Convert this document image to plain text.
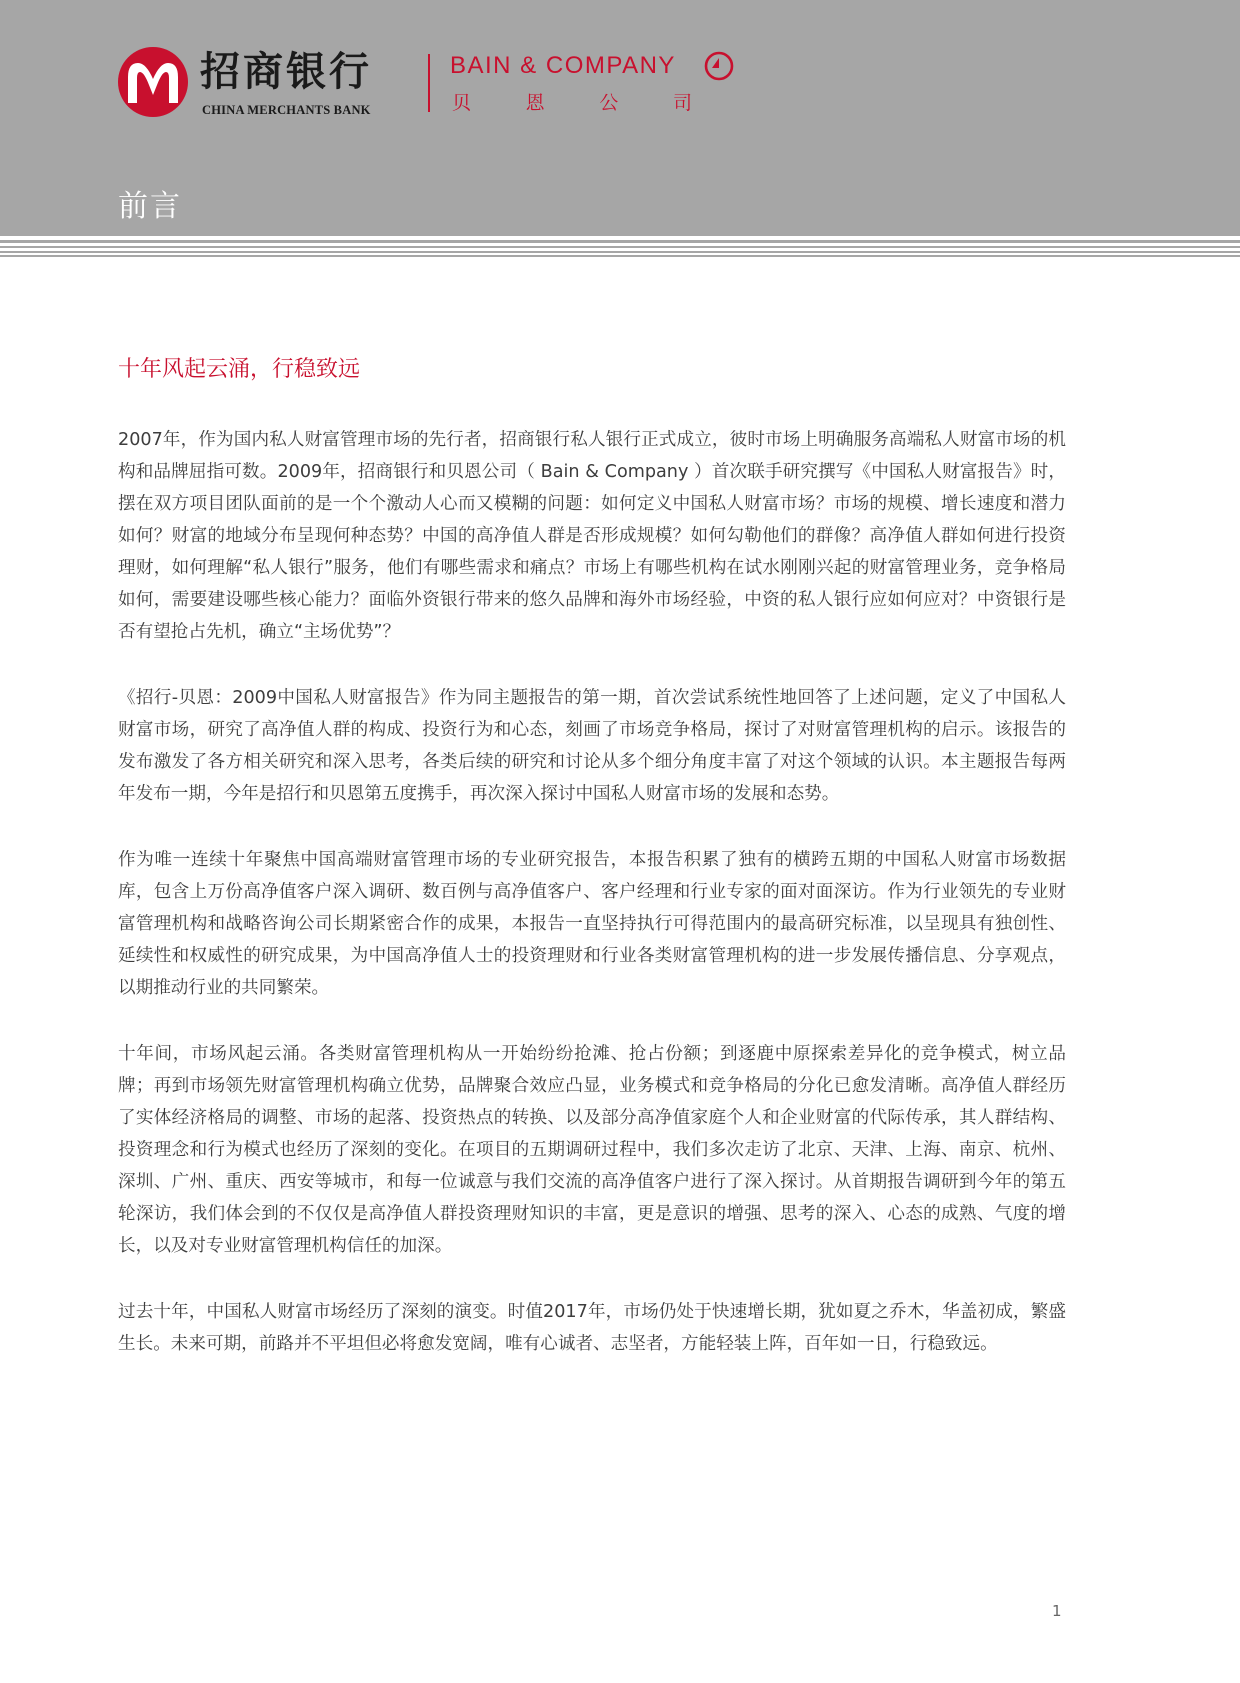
招商银行
CHINA MERCHANTS BANK
BAIN & COMPANY
贝	恩	公	司
前言
十年风起云涌，行稳致远

2007年，作为国内私人财富管理市场的先行者，招商银行私人银行正式成立，彼时市场上明确服务高端私人财富市场的机构和品牌屈指可数。2009年，招商银行和贝恩公司（ Bain & Company ）首次联手研究撰写《中国私人财富报告》时，摆在双方项目团队面前的是一个个激动人心而又模糊的问题：如何定义中国私人财富市场？市场的规模、增长速度和潜力如何？财富的地域分布呈现何种态势？中国的高净值人群是否形成规模？如何勾勒他们的群像？高净值人群如何进行投资理财，如何理解“私人银行”服务，他们有哪些需求和痛点？市场上有哪些机构在试水刚刚兴起的财富管理业务，竞争格局如何，需要建设哪些核心能力？面临外资银行带来的悠久品牌和海外市场经验，中资的私人银行应如何应对？中资银行是否有望抢占先机，确立“主场优势”？

《招行-贝恩：2009中国私人财富报告》作为同主题报告的第一期，首次尝试系统性地回答了上述问题，定义了中国私人财富市场，研究了高净值人群的构成、投资行为和心态，刻画了市场竞争格局，探讨了对财富管理机构的启示。该报告的发布激发了各方相关研究和深入思考，各类后续的研究和讨论从多个细分角度丰富了对这个领域的认识。本主题报告每两年发布一期，今年是招行和贝恩第五度携手，再次深入探讨中国私人财富市场的发展和态势。

作为唯一连续十年聚焦中国高端财富管理市场的专业研究报告，本报告积累了独有的横跨五期的中国私人财富市场数据库，包含上万份高净值客户深入调研、数百例与高净值客户、客户经理和行业专家的面对面深访。作为行业领先的专业财富管理机构和战略咨询公司长期紧密合作的成果，本报告一直坚持执行可得范围内的最高研究标准，以呈现具有独创性、延续性和权威性的研究成果，为中国高净值人士的投资理财和行业各类财富管理机构的进一步发展传播信息、分享观点，以期推动行业的共同繁荣。

十年间，市场风起云涌。各类财富管理机构从一开始纷纷抢滩、抢占份额；到逐鹿中原探索差异化的竞争模式，树立品牌；再到市场领先财富管理机构确立优势，品牌聚合效应凸显，业务模式和竞争格局的分化已愈发清晰。高净值人群经历了实体经济格局的调整、市场的起落、投资热点的转换、以及部分高净值家庭个人和企业财富的代际传承，其人群结构、投资理念和行为模式也经历了深刻的变化。在项目的五期调研过程中，我们多次走访了北京、天津、上海、南京、杭州、深圳、广州、重庆、西安等城市，和每一位诚意与我们交流的高净值客户进行了深入探讨。从首期报告调研到今年的第五轮深访，我们体会到的不仅仅是高净值人群投资理财知识的丰富，更是意识的增强、思考的深入、心态的成熟、气度的增长，以及对专业财富管理机构信任的加深。

过去十年，中国私人财富市场经历了深刻的演变。时值2017年，市场仍处于快速增长期，犹如夏之乔木，华盖初成，繁盛生长。未来可期，前路并不平坦但必将愈发宽阔，唯有心诚者、志坚者，方能轻装上阵，百年如一日，行稳致远。

1
